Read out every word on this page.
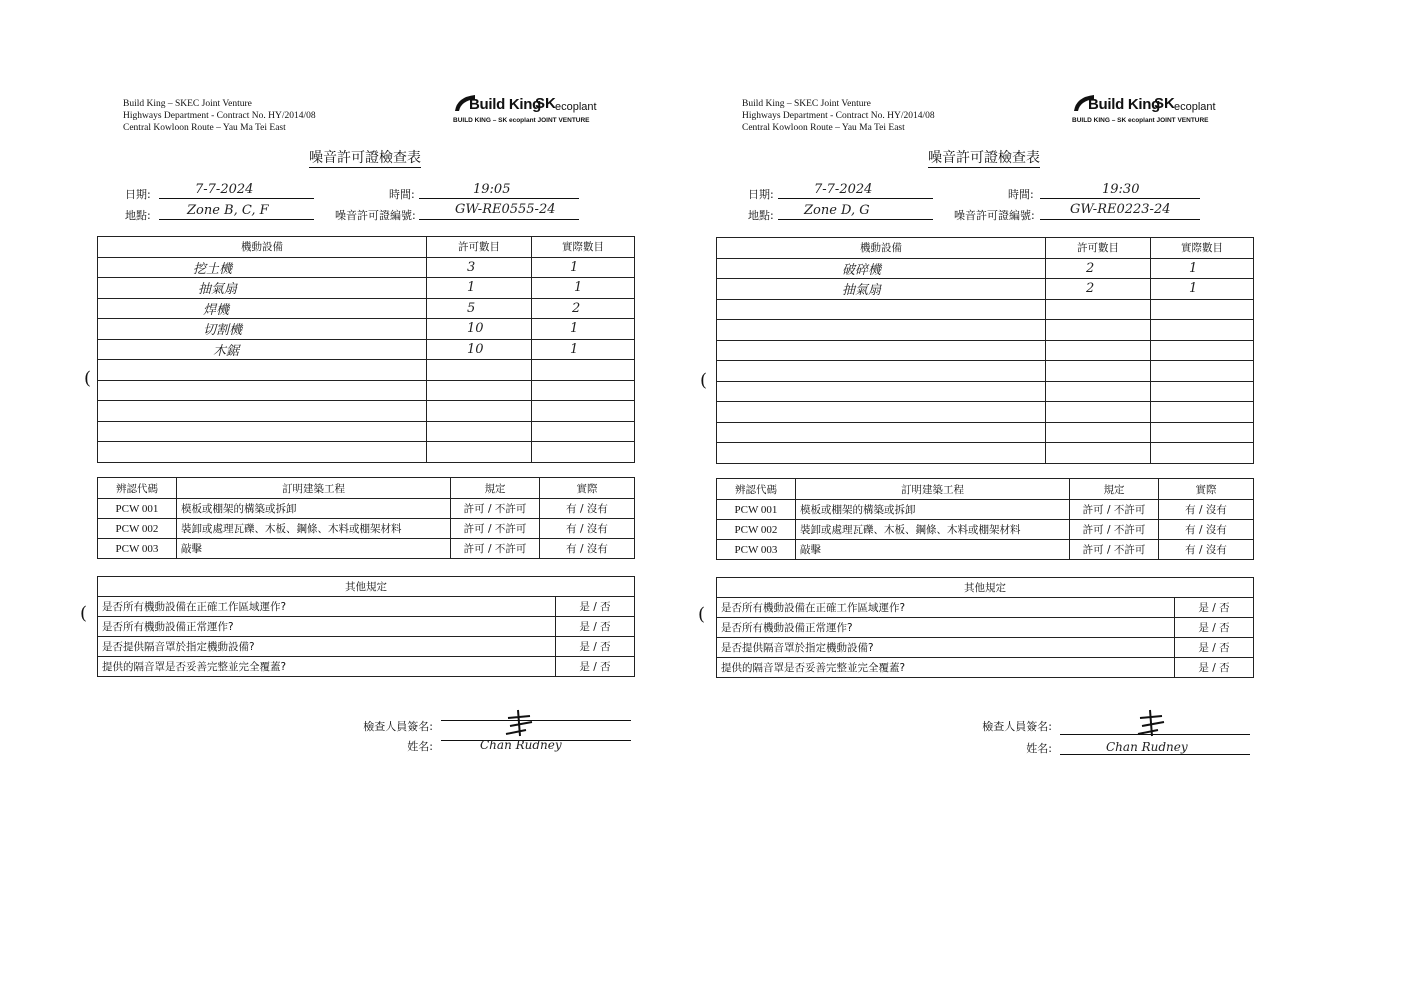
Build King – SKEC Joint Venture
Highways Department - Contract No. HY/2014/08
Central Kowloon Route – Yau Ma Tei East
Build King
SK ecoplant
BUILD KING – SK ecoplant JOINT VENTURE
噪音許可證檢查表
日期:	7-7-2024	時間:	19:05
地點:	Zone B, C, F	噪音許可證編號:	GW-RE0555-24
機動設備	許可數目	實際數目
挖土機	3	1
抽氣扇	1	1
焊機	5	2
切割機	10	1
木鋸	10	1

辨認代碼	訂明建築工程	規定	實際
PCW 001	模板或棚架的構築或拆卸	許可 / 不許可	有 / 沒有
PCW 002	裝卸或處理瓦礫、木板、鋼條、木料或棚架材料	許可 / 不許可	有 / 沒有
PCW 003	敲擊	許可 / 不許可	有 / 沒有
其他規定	
是否所有機動設備在正確工作區域運作?	是 / 否
是否所有機動設備正常運作?	是 / 否
是否提供隔音罩於指定機動設備?	是 / 否
提供的隔音罩是否妥善完整並完全覆蓋?	是 / 否
檢查人員簽名:
姓名:	Chan Rudney
(
(
Build King – SKEC Joint Venture
Highways Department - Contract No. HY/2014/08
Central Kowloon Route – Yau Ma Tei East
Build King
SK ecoplant
BUILD KING – SK ecoplant JOINT VENTURE
噪音許可證檢查表
日期:	7-7-2024	時間:	19:30
地點: Zone D, G	噪音許可證編號:	GW-RE0223-24
機動設備	許可數目	實際數目
破碎機	2	1
抽氣扇	2	1

辨認代碼	訂明建築工程	規定	實際
PCW 001	模板或棚架的構築或拆卸	許可 / 不許可	有 / 沒有
PCW 002	裝卸或處理瓦礫、木板、鋼條、木料或棚架材料	許可 / 不許可	有 / 沒有
PCW 003	敲擊	許可 / 不許可	有 / 沒有
其他規定	
是否所有機動設備在正確工作區域運作?	是 / 否
是否所有機動設備正常運作?	是 / 否
是否提供隔音罩於指定機動設備?	是 / 否
提供的隔音罩是否妥善完整並完全覆蓋?	是 / 否
檢查人員簽名:
姓名:	Chan Rudney
(
(
